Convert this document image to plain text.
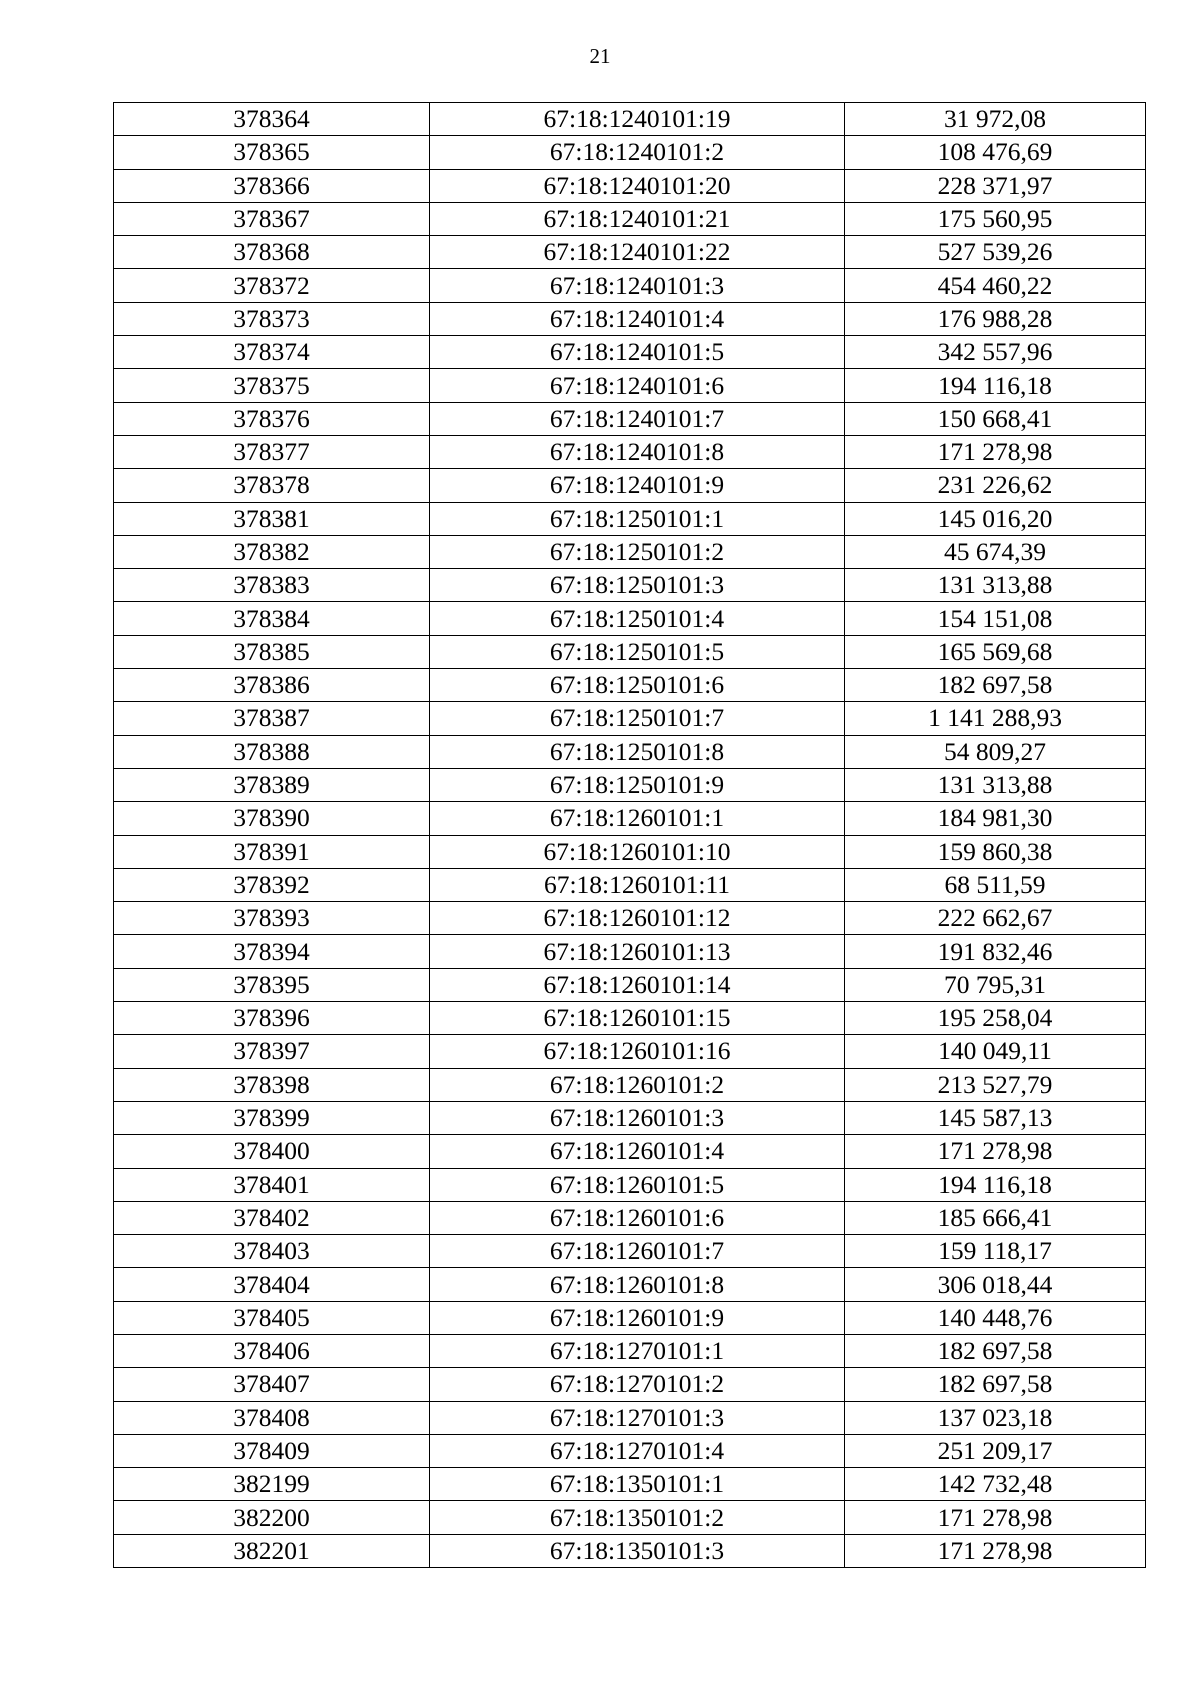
21
378364	67:18:1240101:19	31 972,08
378365	67:18:1240101:2	108 476,69
378366	67:18:1240101:20	228 371,97
378367	67:18:1240101:21	175 560,95
378368	67:18:1240101:22	527 539,26
378372	67:18:1240101:3	454 460,22
378373	67:18:1240101:4	176 988,28
378374	67:18:1240101:5	342 557,96
378375	67:18:1240101:6	194 116,18
378376	67:18:1240101:7	150 668,41
378377	67:18:1240101:8	171 278,98
378378	67:18:1240101:9	231 226,62
378381	67:18:1250101:1	145 016,20
378382	67:18:1250101:2	45 674,39
378383	67:18:1250101:3	131 313,88
378384	67:18:1250101:4	154 151,08
378385	67:18:1250101:5	165 569,68
378386	67:18:1250101:6	182 697,58
378387	67:18:1250101:7	1 141 288,93
378388	67:18:1250101:8	54 809,27
378389	67:18:1250101:9	131 313,88
378390	67:18:1260101:1	184 981,30
378391	67:18:1260101:10	159 860,38
378392	67:18:1260101:11	68 511,59
378393	67:18:1260101:12	222 662,67
378394	67:18:1260101:13	191 832,46
378395	67:18:1260101:14	70 795,31
378396	67:18:1260101:15	195 258,04
378397	67:18:1260101:16	140 049,11
378398	67:18:1260101:2	213 527,79
378399	67:18:1260101:3	145 587,13
378400	67:18:1260101:4	171 278,98
378401	67:18:1260101:5	194 116,18
378402	67:18:1260101:6	185 666,41
378403	67:18:1260101:7	159 118,17
378404	67:18:1260101:8	306 018,44
378405	67:18:1260101:9	140 448,76
378406	67:18:1270101:1	182 697,58
378407	67:18:1270101:2	182 697,58
378408	67:18:1270101:3	137 023,18
378409	67:18:1270101:4	251 209,17
382199	67:18:1350101:1	142 732,48
382200	67:18:1350101:2	171 278,98
382201	67:18:1350101:3	171 278,98
